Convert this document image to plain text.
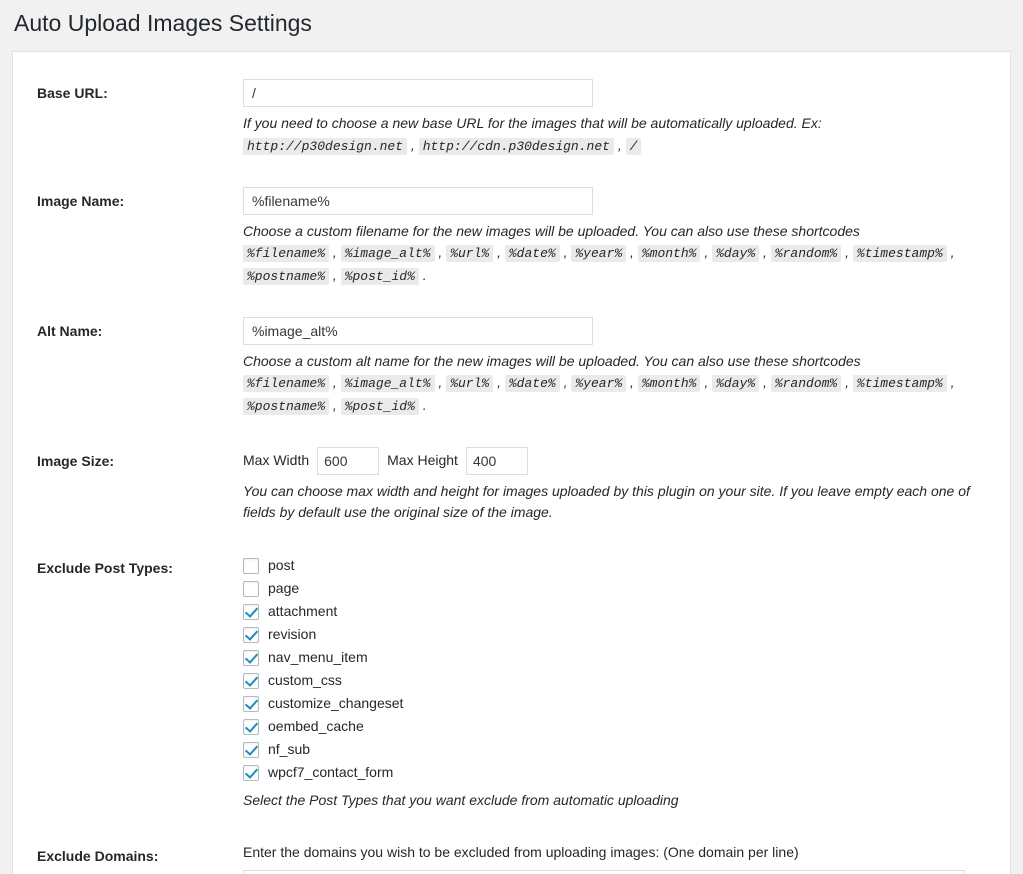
Auto Upload Images Settings
Base URL:	/
If you need to choose a new base URL for the images that will be automatically uploaded. Ex:
http://p30design.net , http://cdn.p30design.net , /

Image Name:	%filename%
Choose a custom filename for the new images will be uploaded. You can also use these shortcodes
%filename% , %image_alt% , %url% , %date% , %year% , %month% , %day% , %random% , %timestamp% ,
%postname% , %post_id% .

Alt Name:	%image_alt%
Choose a custom alt name for the new images will be uploaded. You can also use these shortcodes
%filename% , %image_alt% , %url% , %date% , %year% , %month% , %day% , %random% , %timestamp% ,
%postname% , %post_id% .

Image Size:	Max Width
600 Max Height
400
You can choose max width and height for images uploaded by this plugin on your site. If you leave empty each one of fields by default use the original size of the image.

Exclude Post Types:	post
page
attachment
revision
nav_menu_item
custom_css
customize_changeset
oembed_cache
nf_sub
wpcf7_contact_form
Select the Post Types that you want exclude from automatic uploading

Exclude Domains:	Enter the domains you wish to be excluded from uploading images: (One domain per line)
http://p30design.net
